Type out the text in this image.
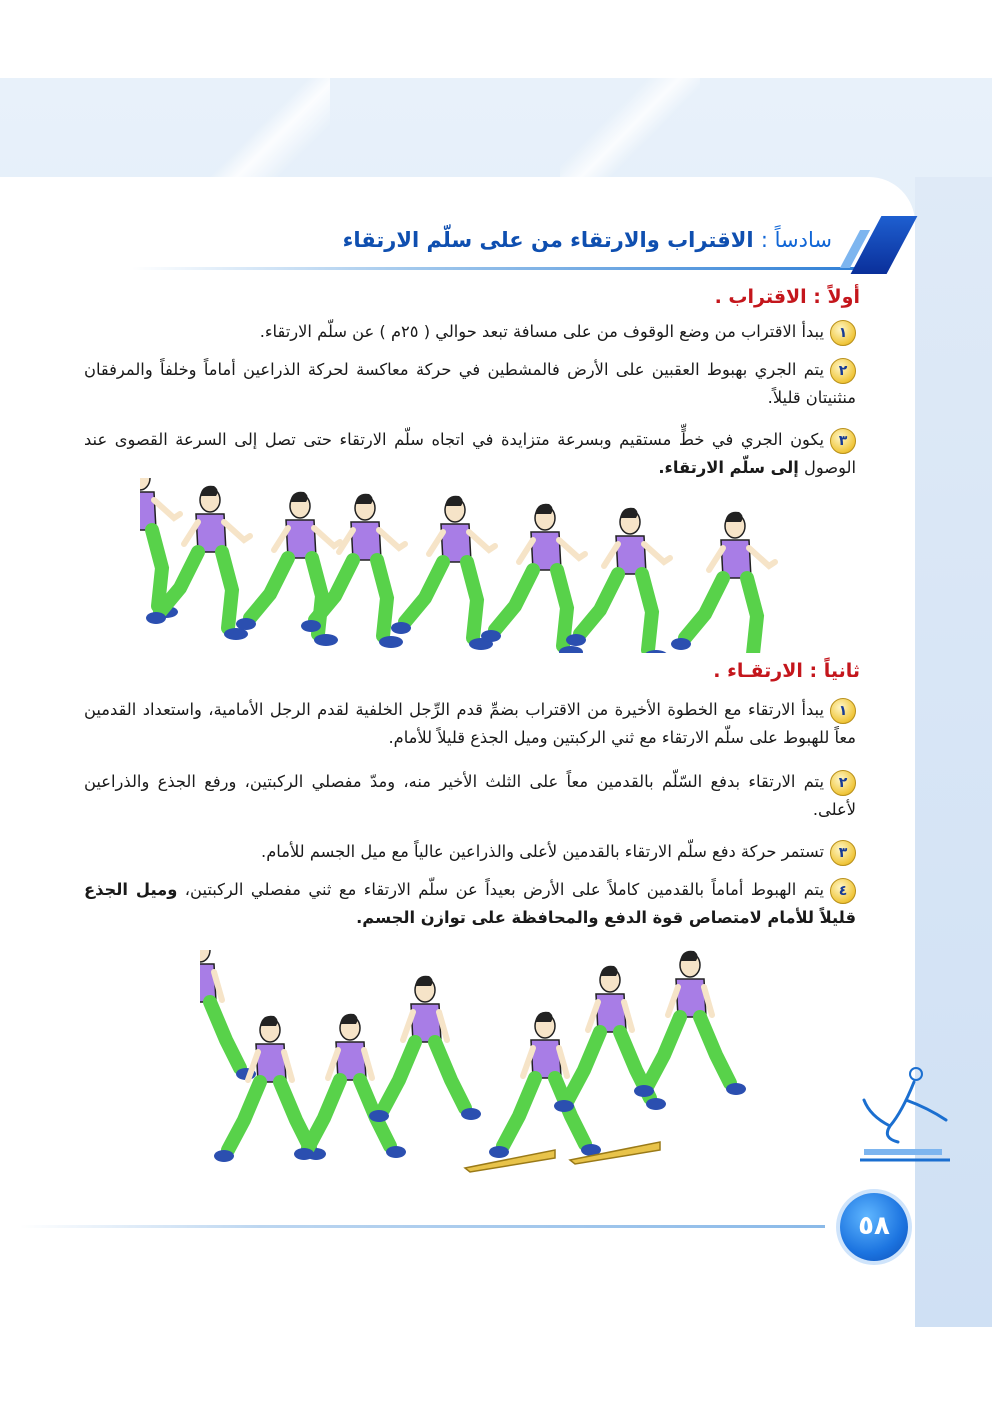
سادساً : الاقتراب والارتقاء من على سلّم الارتقاء
أولاً : الاقتراب .
١يبدأ الاقتراب من وضع الوقوف من على مسافة تبعد حوالي ( ٢٥م ) عن سلّم الارتقاء.
٢يتم الجري بهبوط العقبين على الأرض فالمشطين في حركة معاكسة لحركة الذراعين أماماً وخلفاً والمرفقان منثنيتان قليلاً.
٣يكون الجري في خطٍّ مستقيم وبسرعة متزايدة في اتجاه سلّم الارتقاء حتى تصل إلى السرعة القصوى عند الوصول إلى سلّم الارتقاء.
ثانياً : الارتقـاء .
١يبدأ الارتقاء مع الخطوة الأخيرة من الاقتراب بضمِّ قدم الرِّجل الخلفية لقدم الرجل الأمامية، واستعداد القدمين معاً للهبوط على سلّم الارتقاء مع ثني الركبتين وميل الجذع قليلاً للأمام.
٢يتم الارتقاء بدفع السّلّم بالقدمين معاً على الثلث الأخير منه، ومدّ مفصلي الركبتين، ورفع الجذع والذراعين لأعلى.
٣تستمر حركة دفع سلّم الارتقاء بالقدمين لأعلى والذراعين عالياً مع ميل الجسم للأمام.
٤يتم الهبوط أماماً بالقدمين كاملاً على الأرض بعيداً عن سلّم الارتقاء مع ثني مفصلي الركبتين، وميل الجذع قليلاً للأمام لامتصاص قوة الدفع والمحافظة على توازن الجسم.
٥٨
